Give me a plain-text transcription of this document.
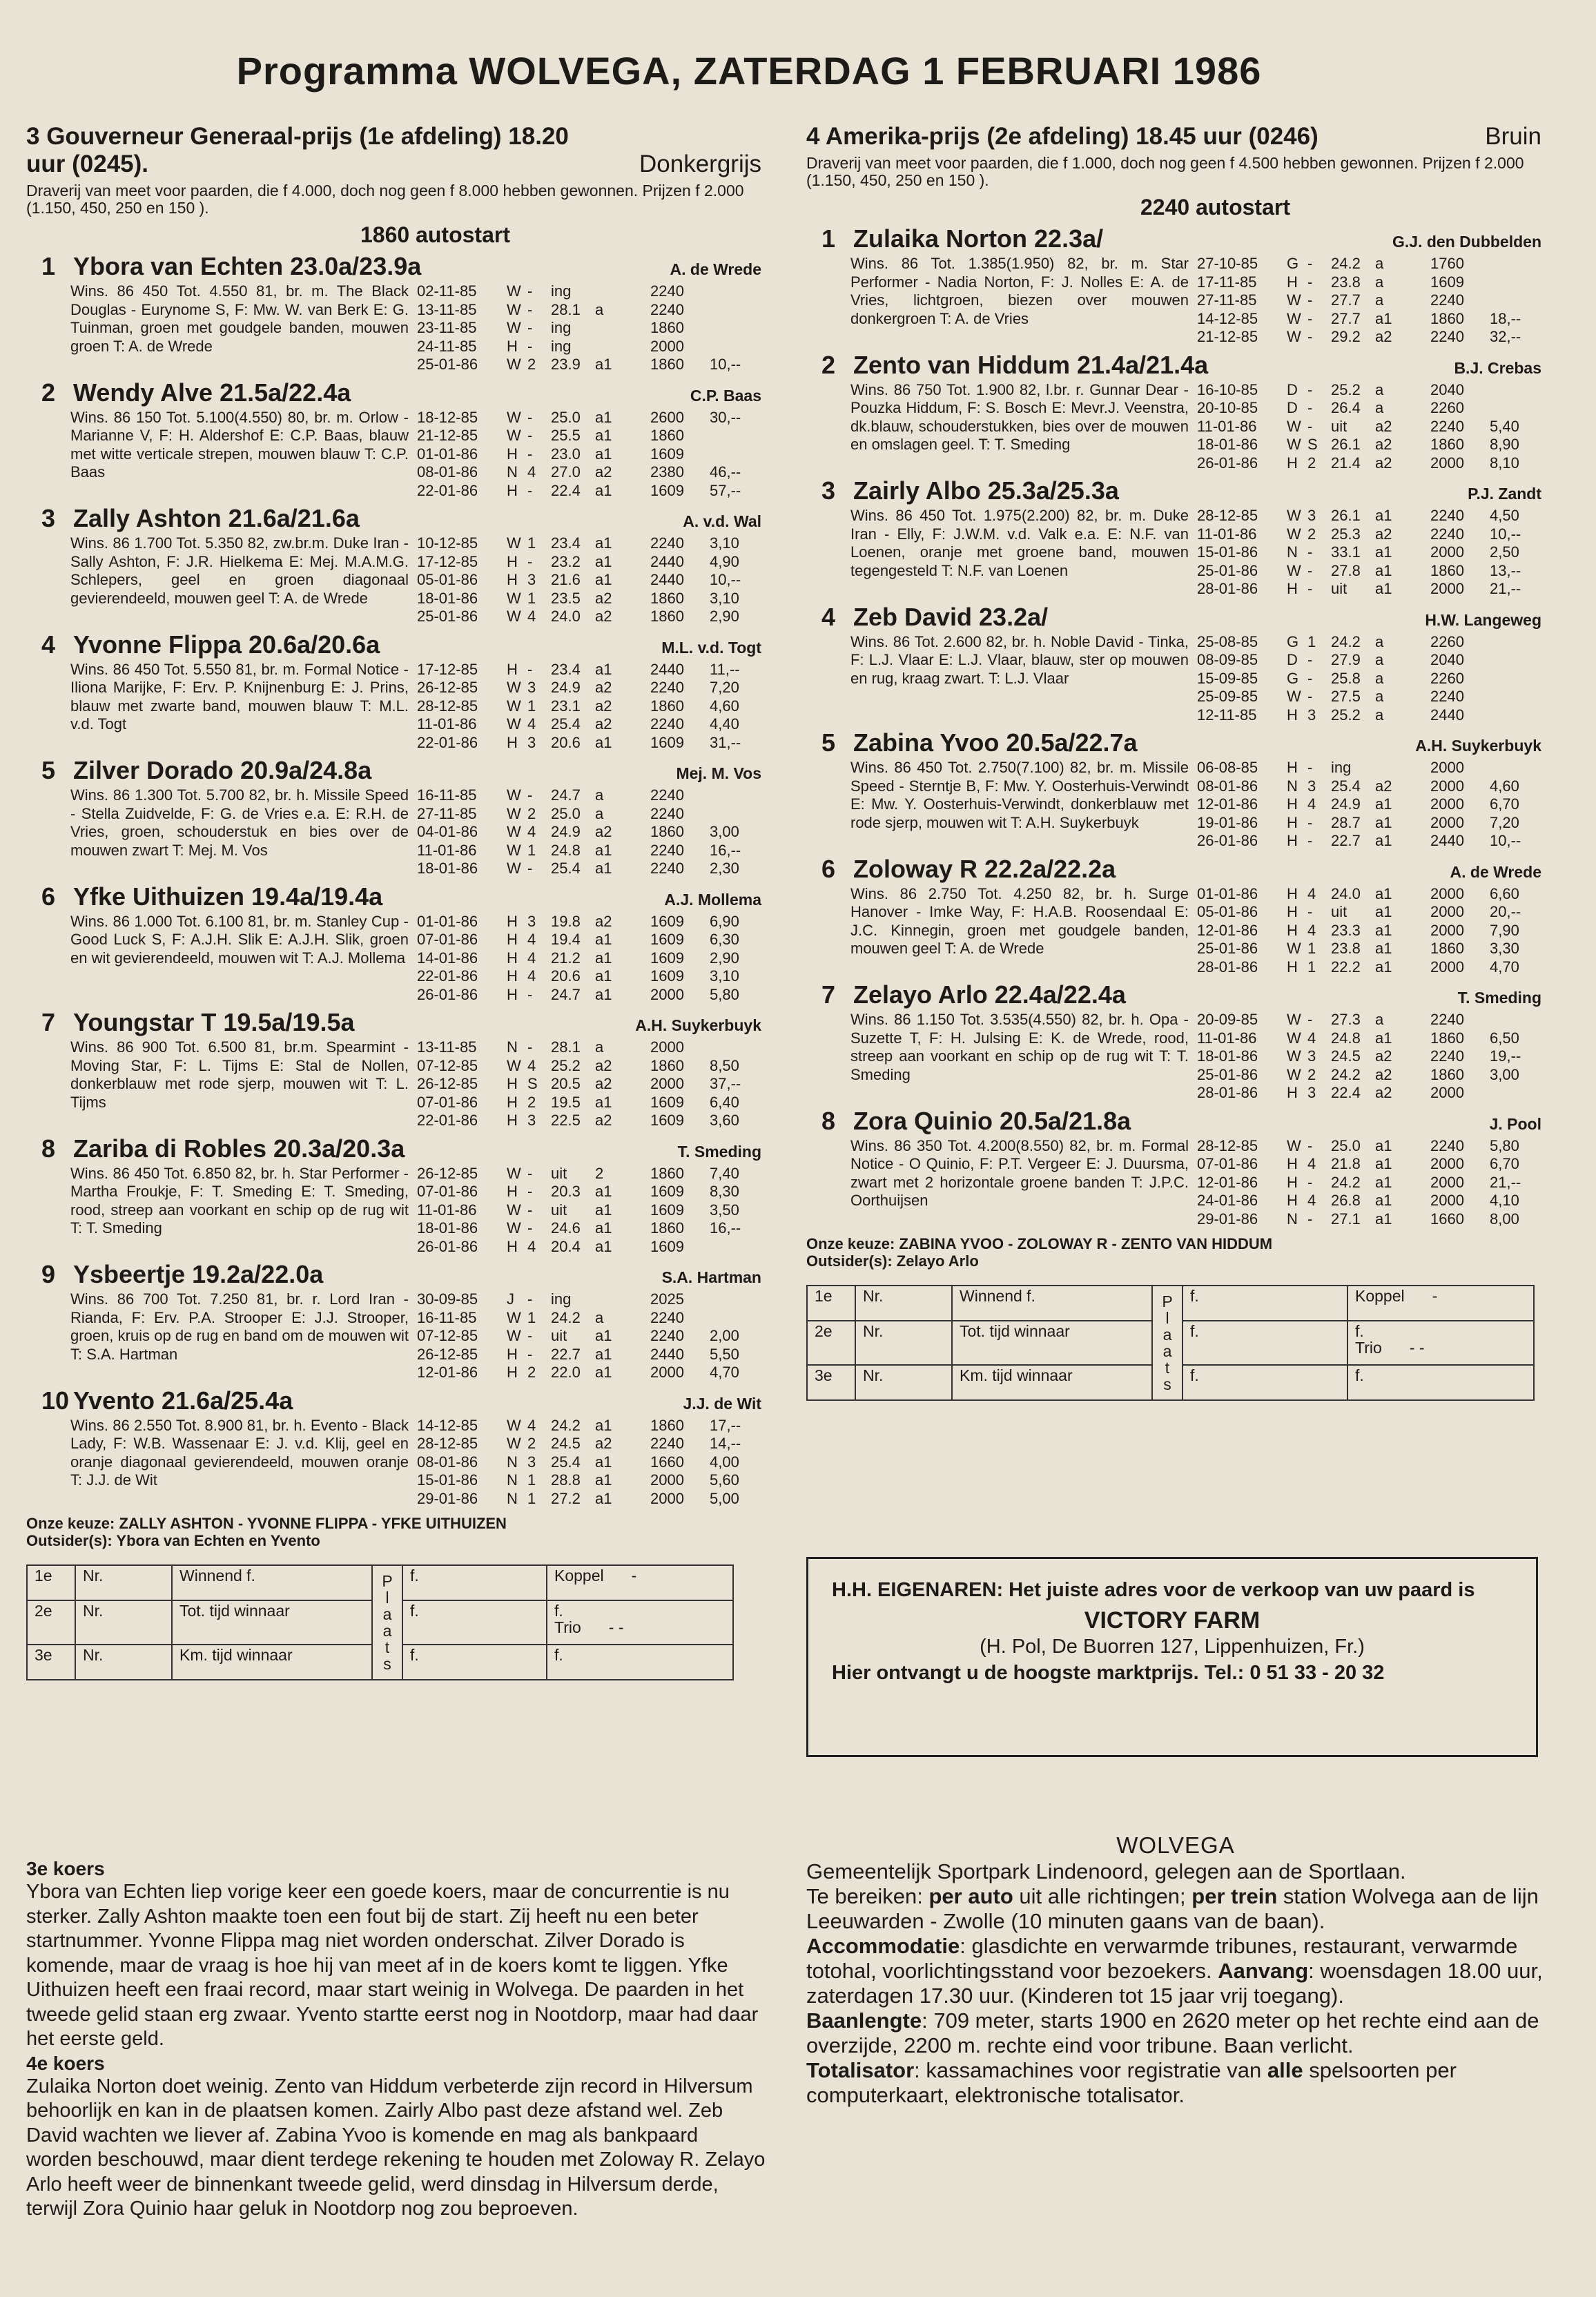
Programma WOLVEGA, ZATERDAG 1 FEBRUARI 1986
3 Gouverneur Generaal-prijs (1e afdeling) 18.20 uur (0245).	Donkergrijs
Draverij van meet voor paarden, die f 4.000, doch nog geen f 8.000 hebben gewonnen. Prijzen f 2.000 (1.150, 450, 250 en 150 ).
1860 autostart
1 Ybora van Echten 23.0a/23.9a	A. de Wrede
Wins. 86 450 Tot. 4.550 81, br. m. The Black Douglas - Eurynome S, F: Mw. W. van Berk E: G. Tuinman, groen met goudgele banden, mouwen groen T: A. de Wrede
02-11-85	W -	ing	2240
13-11-85	W -	28.1 a	2240
23-11-85	W -	ing	1860
24-11-85	H -	ing	2000
25-01-86	W 2 23.9 a1	1860	10,--
2 Wendy Alve 21.5a/22.4a	C.P. Baas
Wins. 86 150 Tot. 5.100(4.550) 80, br. m. Orlow - Marianne V, F: H. Aldershof E: C.P. Baas, blauw met witte verticale strepen, mouwen blauw T: C.P. Baas
18-12-85	W -	25.0 a1	2600	30,--
21-12-85	W -	25.5 a1	1860
01-01-86	H -	23.0 a1	1609
08-01-86	N 4 27.0 a2	2380	46,--
22-01-86	H -	22.4 a1	1609	57,--
3 Zally Ashton 21.6a/21.6a	A. v.d. Wal
Wins. 86 1.700 Tot. 5.350 82, zw.br.m. Duke Iran - Sally Ashton, F: J.R. Hielkema E: Mej. M.A.M.G. Schlepers, geel en groen diagonaal gevierendeeld, mouwen geel T: A. de Wrede
10-12-85	W 1 23.4 a1	2240	3,10
17-12-85	H -	23.2 a1	2440	4,90
05-01-86	H 3 21.6 a1	2440	10,--
18-01-86	W 1 23.5 a2	1860	3,10
25-01-86	W 4 24.0 a2	1860	2,90
4 Yvonne Flippa 20.6a/20.6a	M.L. v.d. Togt
Wins. 86 450 Tot. 5.550 81, br. m. Formal Notice - Iliona Marijke, F: Erv. P. Knijnenburg E: J. Prins, blauw met zwarte band, mouwen blauw T: M.L. v.d. Togt
17-12-85	H -	23.4 a1	2440	11,--
26-12-85	W 3 24.9 a2	2240	7,20
28-12-85	W 1 23.1 a2	1860	4,60
11-01-86	W 4 25.4 a2	2240	4,40
22-01-86	H 3 20.6 a1	1609	31,--
5 Zilver Dorado 20.9a/24.8a	Mej. M. Vos
Wins. 86 1.300 Tot. 5.700 82, br. h. Missile Speed - Stella Zuidvelde, F: G. de Vries e.a. E: R.H. de Vries, groen, schouderstuk en bies over de mouwen zwart T: Mej. M. Vos
16-11-85	W -	24.7 a	2240
27-11-85	W 2 25.0 a	2240
04-01-86	W 4 24.9 a2	1860	3,00
11-01-86	W 1 24.8 a1	2240	16,--
18-01-86	W -	25.4 a1	2240	2,30
6 Yfke Uithuizen 19.4a/19.4a	A.J. Mollema
Wins. 86 1.000 Tot. 6.100 81, br. m. Stanley Cup - Good Luck S, F: A.J.H. Slik E: A.J.H. Slik, groen en wit gevierendeeld, mouwen wit T: A.J. Mollema
01-01-86	H 3 19.8 a2	1609	6,90
07-01-86	H 4 19.4 a1	1609	6,30
14-01-86	H 4 21.2 a1	1609	2,90
22-01-86	H 4 20.6 a1	1609	3,10
26-01-86	H -	24.7 a1	2000	5,80
7 Youngstar T 19.5a/19.5a	A.H. Suykerbuyk
Wins. 86 900 Tot. 6.500 81, br.m. Spearmint - Moving Star, F: L. Tijms E: Stal de Nollen, donkerblauw met rode sjerp, mouwen wit T: L. Tijms
13-11-85	N -	28.1 a	2000
07-12-85	W 4 25.2 a2	1860	8,50
26-12-85	H S 20.5 a2	2000	37,--
07-01-86	H 2 19.5 a1	1609	6,40
22-01-86	H 3 22.5 a2	1609	3,60
8 Zariba di Robles 20.3a/20.3a	T. Smeding
Wins. 86 450 Tot. 6.850 82, br. h. Star Performer - Martha Froukje, F: T. Smeding E: T. Smeding, rood, streep aan voorkant en schip op de rug wit T: T. Smeding
26-12-85	W -	uit	2	1860	7,40
07-01-86	H -	20.3 a1	1609	8,30
11-01-86	W -	uit	a1	1609	3,50
18-01-86	W -	24.6 a1	1860	16,--
26-01-86	H 4 20.4 a1	1609
9 Ysbeertje 19.2a/22.0a	S.A. Hartman
Wins. 86 700 Tot. 7.250 81, br. r. Lord Iran - Rianda, F: Erv. P.A. Strooper E: J.J. Strooper, groen, kruis op de rug en band om de mouwen wit T: S.A. Hartman
30-09-85	J -	ing	2025
16-11-85	W 1 24.2 a	2240
07-12-85	W -	uit	a1	2240	2,00
26-12-85	H -	22.7 a1	2440	5,50
12-01-86	H 2 22.0 a1	2000	4,70
10 Yvento 21.6a/25.4a	J.J. de Wit
Wins. 86 2.550 Tot. 8.900 81, br. h. Evento - Black Lady, F: W.B. Wassenaar E: J. v.d. Klij, geel en oranje diagonaal gevierendeeld, mouwen oranje T: J.J. de Wit
14-12-85	W 4 24.2 a1	1860	17,--
28-12-85	W 2 24.5 a2	2240	14,--
08-01-86	N 3 25.4 a1	1660	4,00
15-01-86	N 1 28.8 a1	2000	5,60
29-01-86	N 1 27.2 a1	2000	5,00
Onze keuze: ZALLY ASHTON - YVONNE FLIPPA - YFKE UITHUIZEN
Outsider(s): Ybora van Echten en Yvento
1e	Nr.	Winnend f.	P l a a t s	f.	Koppel -
2e	Nr.	Tot. tijd winnaar		f.	f.
Trio - -

3e	Nr.	Km. tijd winnaar		f.	f.
4 Amerika-prijs (2e afdeling) 18.45 uur (0246)	Bruin
Draverij van meet voor paarden, die f 1.000, doch nog geen f 4.500 hebben gewonnen. Prijzen f 2.000 (1.150, 450, 250 en 150 ).
2240 autostart
1 Zulaika Norton 22.3a/	G.J. den Dubbelden
Wins. 86 Tot. 1.385(1.950) 82, br. m. Star Performer - Nadia Norton, F: J. Nolles E: A. de Vries, lichtgroen, biezen over mouwen donkergroen T: A. de Vries
27-10-85	G -	24.2 a	1760
17-11-85	H -	23.8 a	1609
27-11-85	W -	27.7 a	2240
14-12-85	W -	27.7 a1	1860	18,--
21-12-85	W -	29.2 a2	2240	32,--
2 Zento van Hiddum 21.4a/21.4a	B.J. Crebas
Wins. 86 750 Tot. 1.900 82, l.br. r. Gunnar Dear - Pouzka Hiddum, F: S. Bosch E: Mevr.J. Veenstra, dk.blauw, schouderstukken, bies over de mouwen en omslagen geel. T: T. Smeding
16-10-85	D -	25.2 a	2040
20-10-85	D -	26.4 a	2260
11-01-86	W -	uit	a2	2240	5,40
18-01-86	W S 26.1 a2	1860	8,90
26-01-86	H 2 21.4 a2	2000	8,10
3 Zairly Albo 25.3a/25.3a	P.J. Zandt
Wins. 86 450 Tot. 1.975(2.200) 82, br. m. Duke Iran - Elly, F: J.W.M. v.d. Valk e.a. E: N.F. van Loenen, oranje met groene band, mouwen tegengesteld T: N.F. van Loenen
28-12-85	W 3 26.1 a1	2240	4,50
11-01-86	W 2 25.3 a2	2240	10,--
15-01-86	N -	33.1 a1	2000	2,50
25-01-86	W -	27.8 a1	1860	13,--
28-01-86	H -	uit	a1	2000	21,--
4 Zeb David 23.2a/	H.W. Langeweg
Wins. 86 Tot. 2.600 82, br. h. Noble David - Tinka, F: L.J. Vlaar E: L.J. Vlaar, blauw, ster op mouwen en rug, kraag zwart. T: L.J. Vlaar
25-08-85	G 1 24.2 a	2260
08-09-85	D -	27.9 a	2040
15-09-85	G -	25.8 a	2260
25-09-85	W -	27.5 a	2240
12-11-85	H 3 25.2 a	2440
5 Zabina Yvoo 20.5a/22.7a	A.H. Suykerbuyk
Wins. 86 450 Tot. 2.750(7.100) 82, br. m. Missile Speed - Sterntje B, F: Mw. Y. Oosterhuis-Verwindt E: Mw. Y. Oosterhuis-Verwindt, donkerblauw met rode sjerp, mouwen wit T: A.H. Suykerbuyk
06-08-85	H -	ing	2000
08-01-86	N 3 25.4 a2	2000	4,60
12-01-86	H 4 24.9 a1	2000	6,70
19-01-86	H -	28.7 a1	2000	7,20
26-01-86	H -	22.7 a1	2440	10,--
6 Zoloway R 22.2a/22.2a	A. de Wrede
Wins. 86 2.750 Tot. 4.250 82, br. h. Surge Hanover - Imke Way, F: H.A.B. Roosendaal E: J.C. Kinnegin, groen met goudgele banden, mouwen geel T: A. de Wrede
01-01-86	H 4 24.0 a1	2000	6,60
05-01-86	H -	uit	a1	2000	20,--
12-01-86	H 4 23.3 a1	2000	7,90
25-01-86	W 1 23.8 a1	1860	3,30
28-01-86	H 1 22.2 a1	2000	4,70
7 Zelayo Arlo 22.4a/22.4a	T. Smeding
Wins. 86 1.150 Tot. 3.535(4.550) 82, br. h. Opa - Suzette T, F: H. Julsing E: K. de Wrede, rood, streep aan voorkant en schip op de rug wit T: T. Smeding
20-09-85	W -	27.3 a	2240
11-01-86	W 4 24.8 a1	1860	6,50
18-01-86	W 3 24.5 a2	2240	19,--
25-01-86	W 2 24.2 a2	1860	3,00
28-01-86	H 3 22.4 a2	2000
8 Zora Quinio 20.5a/21.8a	J. Pool
Wins. 86 350 Tot. 4.200(8.550) 82, br. m. Formal Notice - O Quinio, F: P.T. Vergeer E: J. Duursma, zwart met 2 horizontale groene banden T: J.P.C. Oorthuijsen
28-12-85	W -	25.0 a1	2240	5,80
07-01-86	H 4 21.8 a1	2000	6,70
12-01-86	H -	24.2 a1	2000	21,--
24-01-86	H 4 26.8 a1	2000	4,10
29-01-86	N -	27.1 a1	1660	8,00
Onze keuze: ZABINA YVOO - ZOLOWAY R - ZENTO VAN HIDDUM
Outsider(s): Zelayo Arlo
1e	Nr.	Winnend f.	P l a a t s	f.	Koppel -
2e	Nr.	Tot. tijd winnaar		f.	f.
Trio - -

3e	Nr.	Km. tijd winnaar		f.	f.
H.H. EIGENAREN: Het juiste adres voor de verkoop van uw paard is
VICTORY FARM
(H. Pol, De Buorren 127, Lippenhuizen, Fr.)
Hier ontvangt u de hoogste marktprijs. Tel.: 0 51 33 - 20 32
3e koers

Ybora van Echten liep vorige keer een goede koers, maar de concurrentie is nu sterker. Zally Ashton maakte toen een fout bij de start. Zij heeft nu een beter startnummer. Yvonne Flippa mag niet worden onderschat. Zilver Dorado is komende, maar de vraag is hoe hij van meet af in de koers komt te liggen. Yfke Uithuizen heeft een fraai record, maar start weinig in Wolvega. De paarden in het tweede gelid staan erg zwaar. Yvento startte eerst nog in Nootdorp, maar had daar het eerste geld.

4e koers

Zulaika Norton doet weinig. Zento van Hiddum verbeterde zijn record in Hilversum behoorlijk en kan in de plaatsen komen. Zairly Albo past deze afstand wel. Zeb David wachten we liever af. Zabina Yvoo is komende en mag als bankpaard worden beschouwd, maar dient terdege rekening te houden met Zoloway R. Zelayo Arlo heeft weer de binnenkant tweede gelid, werd dinsdag in Hilversum derde, terwijl Zora Quinio haar geluk in Nootdorp nog zou beproeven.

WOLVEGA

Gemeentelijk Sportpark Lindenoord, gelegen aan de Sportlaan.

Te bereiken: per auto uit alle richtingen; per trein station Wolvega aan de lijn Leeuwarden - Zwolle (10 minuten gaans van de baan).

Accommodatie: glasdichte en verwarmde tribunes, restaurant, verwarmde totohal, voorlichtingsstand voor bezoekers. Aanvang: woensdagen 18.00 uur, zaterdagen 17.30 uur. (Kinderen tot 15 jaar vrij toegang).

Baanlengte: 709 meter, starts 1900 en 2620 meter op het rechte eind aan de overzijde, 2200 m. rechte eind voor tribune. Baan verlicht.

Totalisator: kassamachines voor registratie van alle spelsoorten per computerkaart, elektronische totalisator.
